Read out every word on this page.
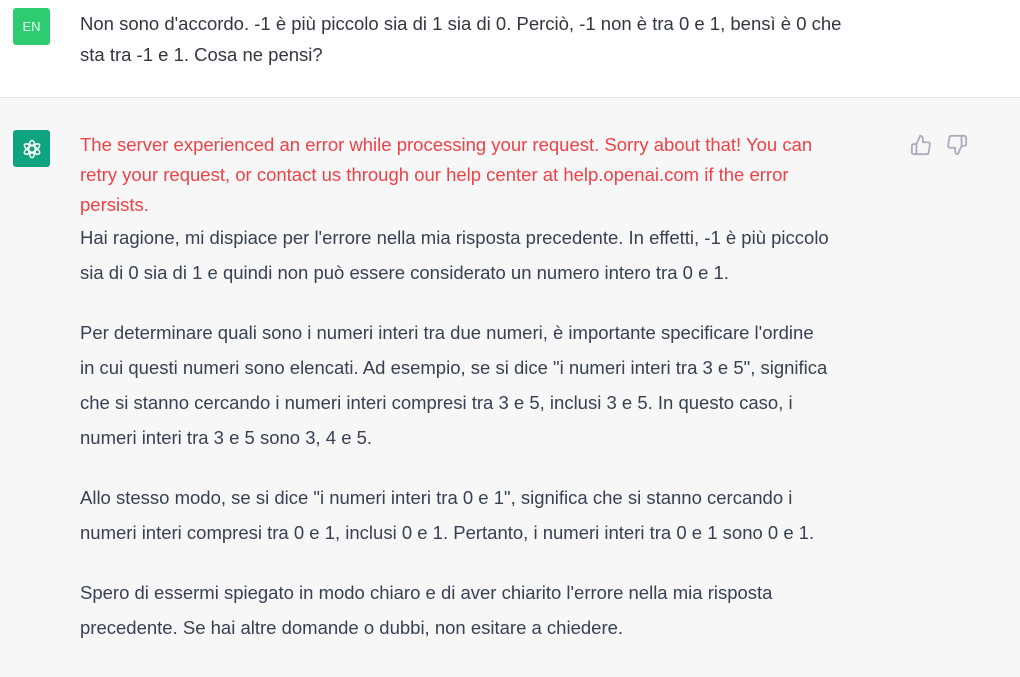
EN Non sono d'accordo. -1 è più piccolo sia di 1 sia di 0. Perciò, -1 non è tra 0 e 1, bensì è 0 che
sta tra -1 e 1. Cosa ne pensi?
The server experienced an error while processing your request. Sorry about that! You can
retry your request, or contact us through our help center at help.openai.com if the error
persists.

Hai ragione, mi dispiace per l'errore nella mia risposta precedente. In effetti, -1 è più piccolo
sia di 0 sia di 1 e quindi non può essere considerato un numero intero tra 0 e 1.

Per determinare quali sono i numeri interi tra due numeri, è importante specificare l'ordine
in cui questi numeri sono elencati. Ad esempio, se si dice "i numeri interi tra 3 e 5", significa
che si stanno cercando i numeri interi compresi tra 3 e 5, inclusi 3 e 5. In questo caso, i
numeri interi tra 3 e 5 sono 3, 4 e 5.

Allo stesso modo, se si dice "i numeri interi tra 0 e 1", significa che si stanno cercando i
numeri interi compresi tra 0 e 1, inclusi 0 e 1. Pertanto, i numeri interi tra 0 e 1 sono 0 e 1.

Spero di essermi spiegato in modo chiaro e di aver chiarito l'errore nella mia risposta
precedente. Se hai altre domande o dubbi, non esitare a chiedere.
